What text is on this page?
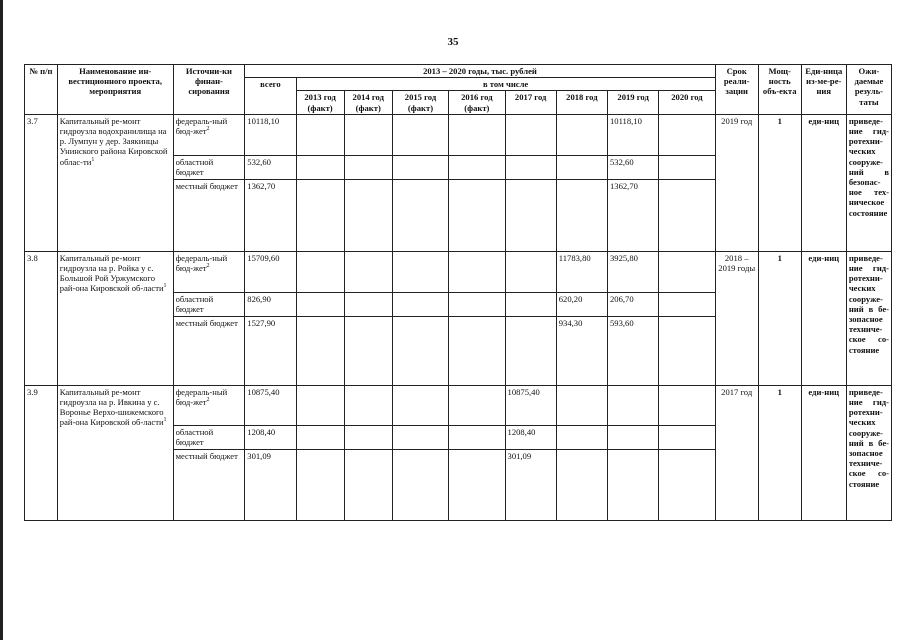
35
№ п/п	Наименование ин-вестиционного проекта, мероприятия	Источни-ки финан-сирования	2013 – 2020 годы, тыс. рублей									Срок реали-зации	Мощ-ность объ-екта	Еди-ница из-ме-ре-ния	Ожи-даемые резуль-таты
			всего	в том числе											
				2013 год (факт)	2014 год (факт)	2015 год (факт)	2016 год (факт)	2017 год	2018 год	2019 год	2020 год				
3.7	Капитальный ре-монт гидроузла водохранилища на р. Лумпун у дер. Заякинцы Унинского района Кировской облас-$ти^1$	федераль-ный бюд-жет$^2$	10118,10							10118,10		2019 год	1	еди-ниц	приведе-ние гид-ротехни-ческих сооруже-ний в безопас-ное тех-ническое состояние
		областной бюджет	532,60							532,60					
		местный бюджет	1362,70							1362,70					
3.8	Капитальный ре-монт гидроузла на р. Ройка у с. Большой Рой Уржумского рай-она Кировской об-ласти$^1$	федераль-ный бюд-жет$^2$	15709,60						11783,80	3925,80		2018 – 2019 годы	1	еди-ниц	приведе-ние гид-ротехни-ческих сооруже-ний в бе-зопасное техниче-ское со-стояние
		областной бюджет	826,90						620,20	206,70					
		местный бюджет	1527,90						934,30	593,60					
3.9	Капитальный ре-монт гидроузла на р. Ивкина у с. Воронье Верхо-шижемского рай-она Кировской об-ласти$^1$	федераль-ный бюд-жет$^2$	10875,40					10875,40				2017 год	1	еди-ниц	приведе-ние гид-ротехни-ческих сооруже-ний в бе-зопасное техниче-ское со-стояние
		областной бюджет	1208,40					1208,40							
		местный бюджет	301,09					301,09							
